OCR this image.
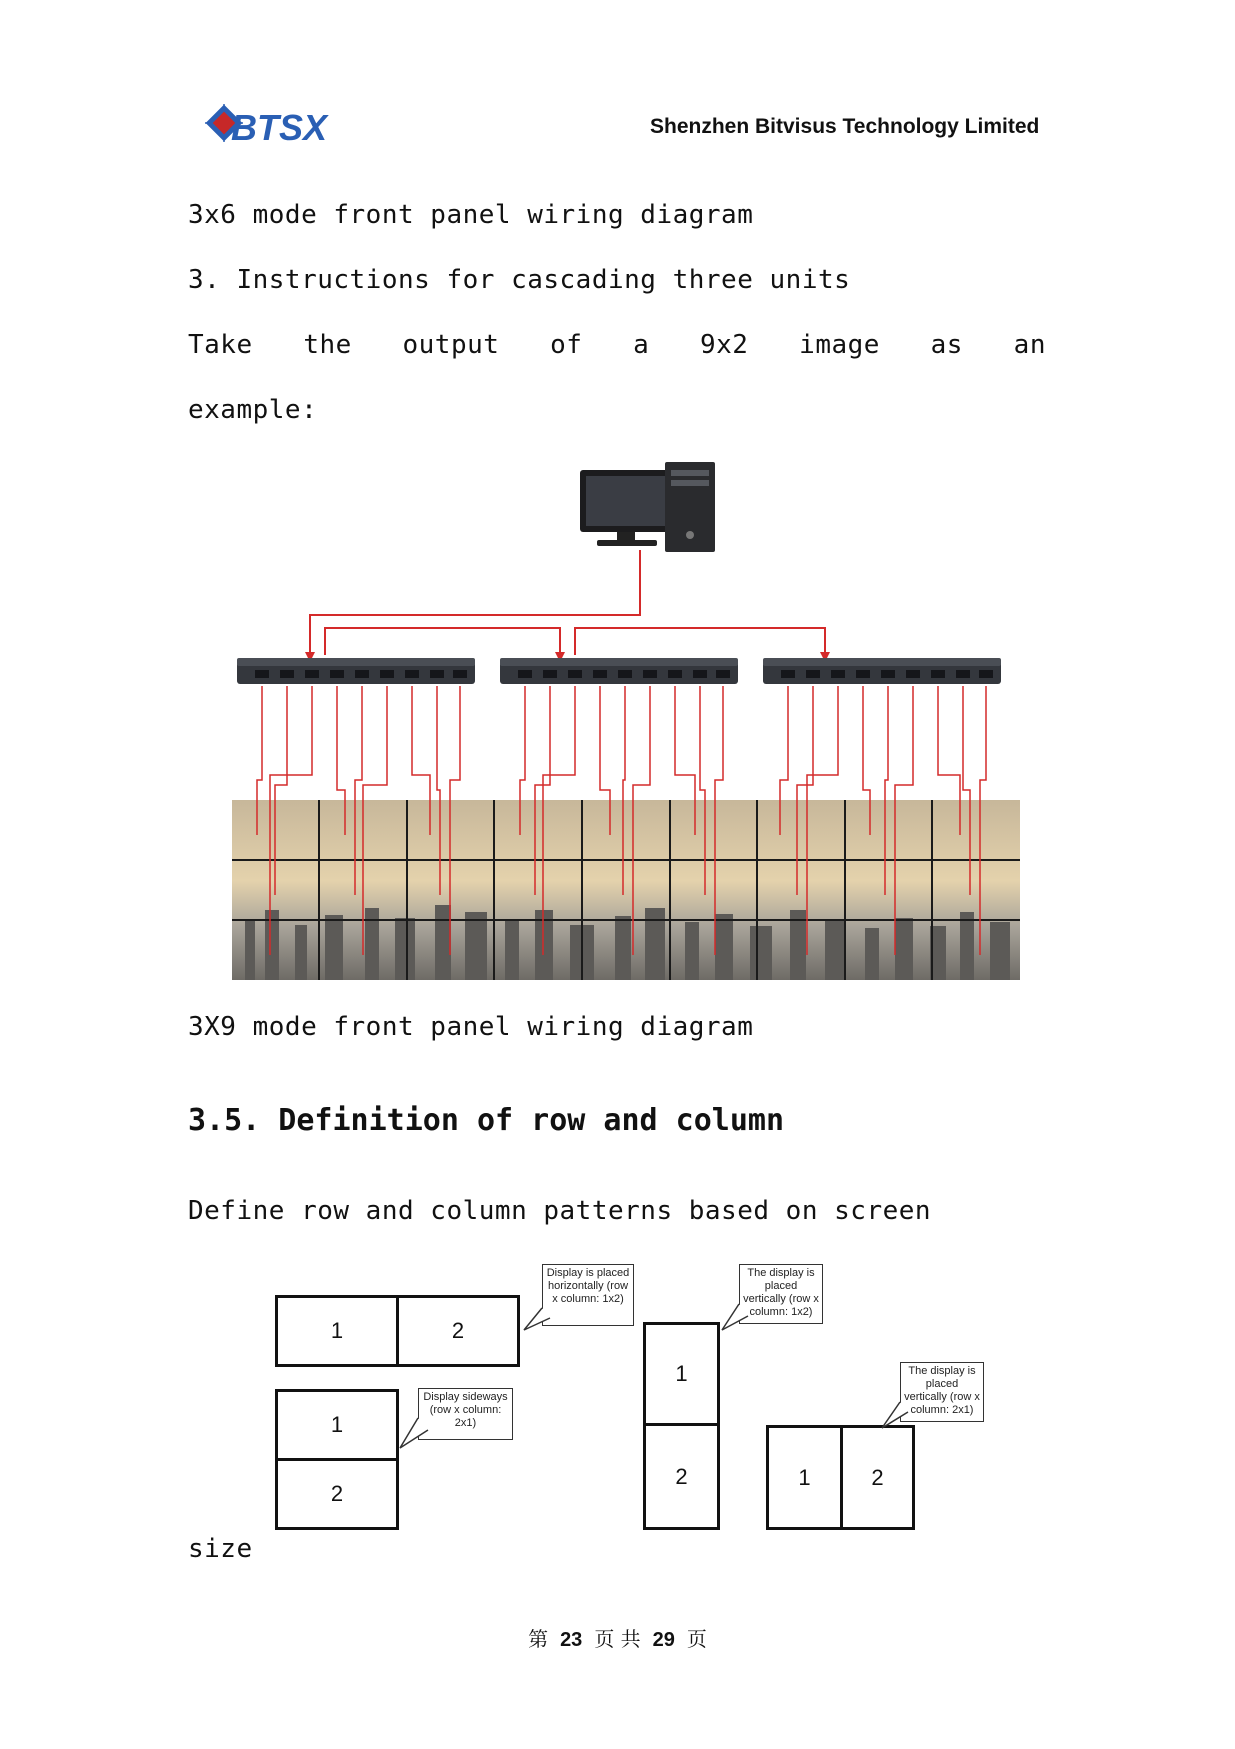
BTSX	Shenzhen Bitvisus Technology Limited
3x6 mode front panel wiring diagram
3. Instructions for cascading three units
Take the output of a 9x2 image as an
example:
3X9 mode front panel wiring diagram
3.5. Definition of row and column
Define row and column patterns based on screen
1	2
Display is placed horizontally (row x column: 1x2)
1
2
Display sideways (row x column: 2x1)
1
2
The display is placed vertically (row x column: 1x2)
1	2
The display is placed vertically (row x column: 2x1)
size
第 23 页 共 29 页
